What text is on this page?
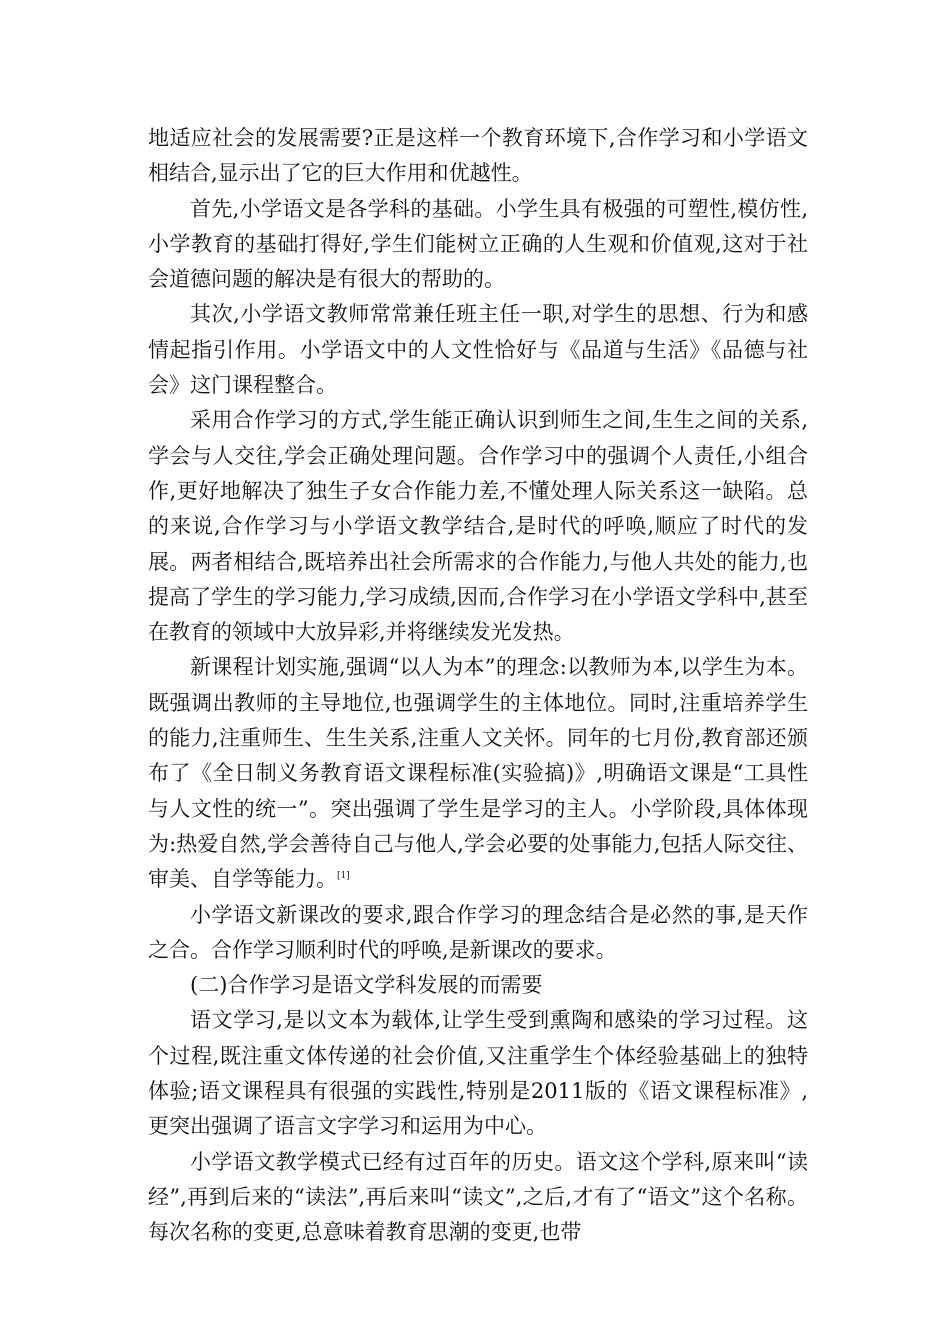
地适应社会的发展需要?正是这样一个教育环境下,合作学习和小学语文相结合,显示出了它的巨大作用和优越性。

首先,小学语文是各学科的基础。小学生具有极强的可塑性,模仿性,小学教育的基础打得好,学生们能树立正确的人生观和价值观,这对于社会道德问题的解决是有很大的帮助的。

其次,小学语文教师常常兼任班主任一职,对学生的思想、行为和感情起指引作用。小学语文中的人文性恰好与《品道与生活》《品德与社会》这门课程整合。

采用合作学习的方式,学生能正确认识到师生之间,生生之间的关系,学会与人交往,学会正确处理问题。合作学习中的强调个人责任,小组合作,更好地解决了独生子女合作能力差,不懂处理人际关系这一缺陷。总的来说,合作学习与小学语文教学结合,是时代的呼唤,顺应了时代的发展。两者相结合,既培养出社会所需求的合作能力,与他人共处的能力,也提高了学生的学习能力,学习成绩,因而,合作学习在小学语文学科中,甚至在教育的领域中大放异彩,并将继续发光发热。

新课程计划实施,强调“以人为本”的理念:以教师为本,以学生为本。既强调出教师的主导地位,也强调学生的主体地位。同时,注重培养学生的能力,注重师生、生生关系,注重人文关怀。同年的七月份,教育部还颁布了《全日制义务教育语文课程标准(实验搞)》,明确语文课是“工具性与人文性的统一”。突出强调了学生是学习的主人。小学阶段,具体体现为:热爱自然,学会善待自己与他人,学会必要的处事能力,包括人际交往、审美、自学等能力。[1]

小学语文新课改的要求,跟合作学习的理念结合是必然的事,是天作之合。合作学习顺利时代的呼唤,是新课改的要求。

(二)合作学习是语文学科发展的而需要

语文学习,是以文本为载体,让学生受到熏陶和感染的学习过程。这个过程,既注重文体传递的社会价值,又注重学生个体经验基础上的独特体验;语文课程具有很强的实践性,特别是2011版的《语文课程标准》,更突出强调了语言文字学习和运用为中心。

小学语文教学模式已经有过百年的历史。语文这个学科,原来叫“读经”,再到后来的“读法”,再后来叫“读文”,之后,才有了“语文”这个名称。每次名称的变更,总意味着教育思潮的变更,也带
